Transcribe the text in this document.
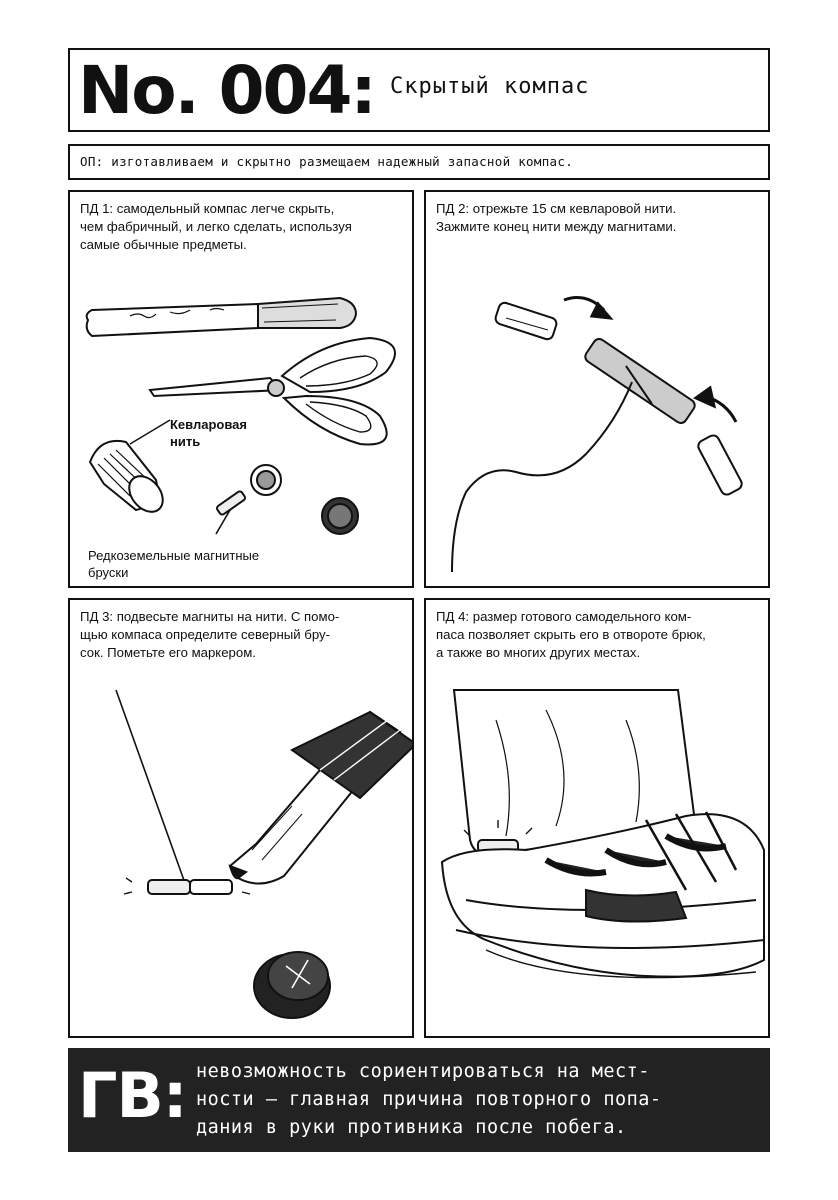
No. 004: Скрытый компас
ОП: изготавливаем и скрытно размещаем надежный запасной компас.
ПД 1: самодельный компас легче скрыть,
чем фабричный, и легко сделать, используя
самые обычные предметы.
Кевларовая
нить
Редкоземельные магнитные
бруски
ПД 2: отрежьте 15 см кевларовой нити.
Зажмите конец нити между магнитами.
ПД 3: подвесьте магниты на нити. С помо-
щью компаса определите северный бру-
сок. Пометьте его маркером.
ПД 4: размер готового самодельного ком-
паса позволяет скрыть его в отвороте брюк,
а также во многих других местах.
ГВ: невозможность сориентироваться на мест-
ности — главная причина повторного попа-
дания в руки противника после побега.
